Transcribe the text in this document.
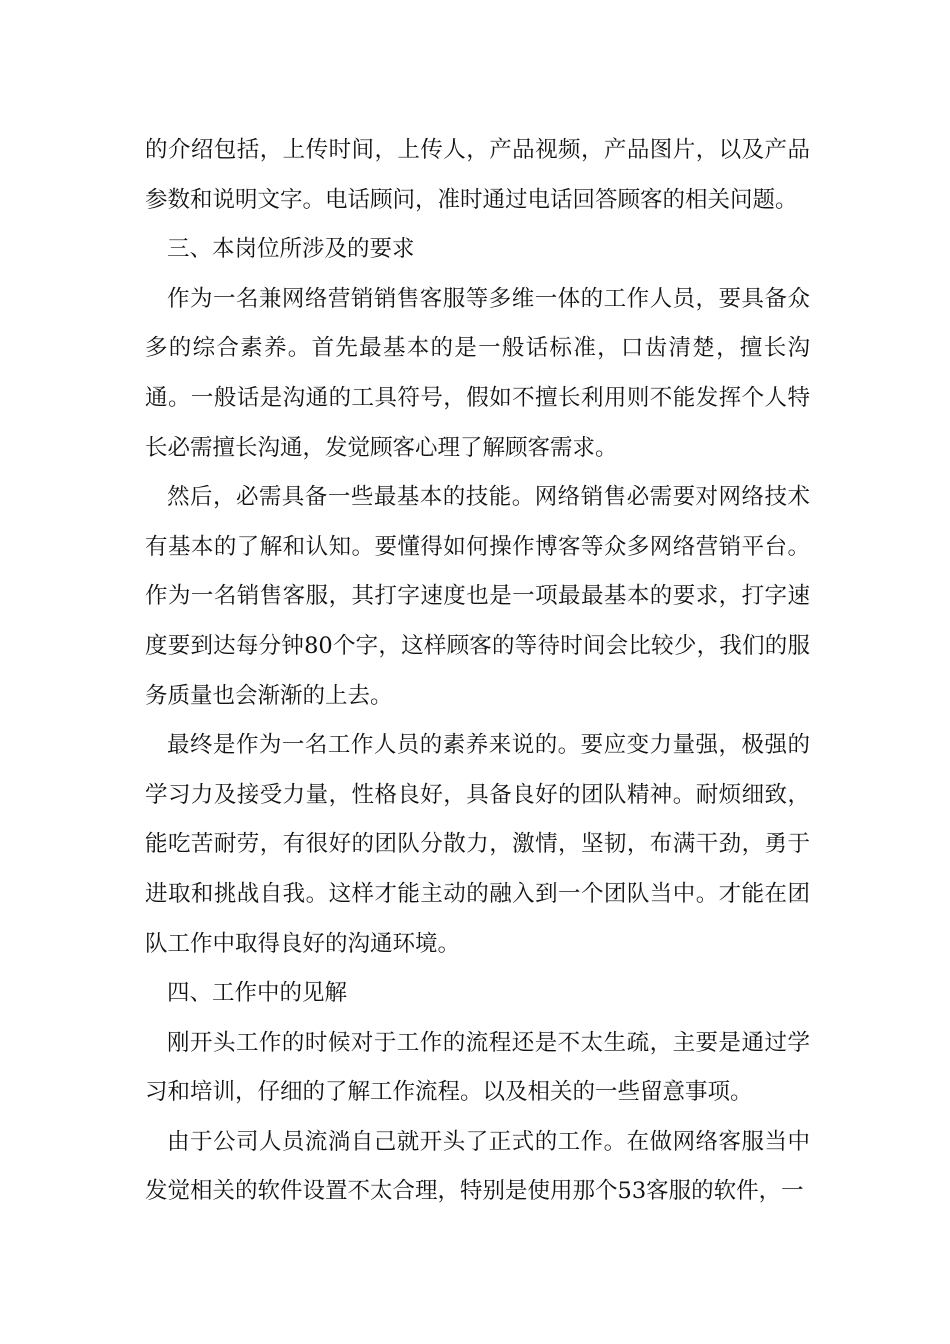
的介绍包括，上传时间，上传人，产品视频，产品图片，以及产品参数和说明文字。电话顾问，准时通过电话回答顾客的相关问题。

三、本岗位所涉及的要求

作为一名兼网络营销销售客服等多维一体的工作人员，要具备众多的综合素养。首先最基本的是一般话标准，口齿清楚，擅长沟通。一般话是沟通的工具符号，假如不擅长利用则不能发挥个人特长必需擅长沟通，发觉顾客心理了解顾客需求。

然后，必需具备一些最基本的技能。网络销售必需要对网络技术有基本的了解和认知。要懂得如何操作博客等众多网络营销平台。作为一名销售客服，其打字速度也是一项最最基本的要求，打字速度要到达每分钟80个字，这样顾客的等待时间会比较少，我们的服务质量也会渐渐的上去。

最终是作为一名工作人员的素养来说的。要应变力量强，极强的学习力及接受力量，性格良好，具备良好的团队精神。耐烦细致，能吃苦耐劳，有很好的团队分散力，激情，坚韧，布满干劲，勇于进取和挑战自我。这样才能主动的融入到一个团队当中。才能在团队工作中取得良好的沟通环境。

四、工作中的见解

刚开头工作的时候对于工作的流程还是不太生疏，主要是通过学习和培训，仔细的了解工作流程。以及相关的一些留意事项。

由于公司人员流淌自己就开头了正式的工作。在做网络客服当中发觉相关的软件设置不太合理，特别是使用那个53客服的软件，一
